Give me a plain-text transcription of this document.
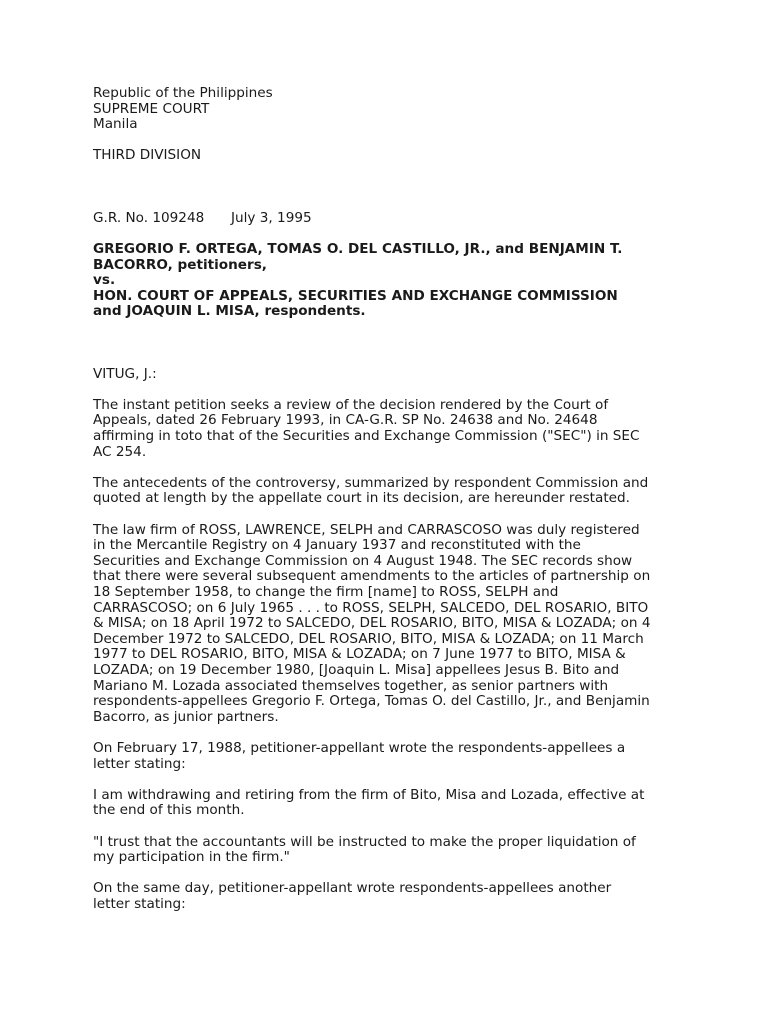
Republic of the Philippines
SUPREME COURT
Manila
THIRD DIVISION
G.R. No. 109248 July 3, 1995
GREGORIO F. ORTEGA, TOMAS O. DEL CASTILLO, JR., and BENJAMIN T.
BACORRO, petitioners,
vs.
HON. COURT OF APPEALS, SECURITIES AND EXCHANGE COMMISSION
and JOAQUIN L. MISA, respondents.
VITUG, J.:
The instant petition seeks a review of the decision rendered by the Court of
Appeals, dated 26 February 1993, in CA-G.R. SP No. 24638 and No. 24648
affirming in toto that of the Securities and Exchange Commission ("SEC") in SEC
AC 254.
The antecedents of the controversy, summarized by respondent Commission and
quoted at length by the appellate court in its decision, are hereunder restated.
The law firm of ROSS, LAWRENCE, SELPH and CARRASCOSO was duly registered
in the Mercantile Registry on 4 January 1937 and reconstituted with the
Securities and Exchange Commission on 4 August 1948. The SEC records show
that there were several subsequent amendments to the articles of partnership on
18 September 1958, to change the firm [name] to ROSS, SELPH and
CARRASCOSO; on 6 July 1965 . . . to ROSS, SELPH, SALCEDO, DEL ROSARIO, BITO
& MISA; on 18 April 1972 to SALCEDO, DEL ROSARIO, BITO, MISA & LOZADA; on 4
December 1972 to SALCEDO, DEL ROSARIO, BITO, MISA & LOZADA; on 11 March
1977 to DEL ROSARIO, BITO, MISA & LOZADA; on 7 June 1977 to BITO, MISA &
LOZADA; on 19 December 1980, [Joaquin L. Misa] appellees Jesus B. Bito and
Mariano M. Lozada associated themselves together, as senior partners with
respondents-appellees Gregorio F. Ortega, Tomas O. del Castillo, Jr., and Benjamin
Bacorro, as junior partners.
On February 17, 1988, petitioner-appellant wrote the respondents-appellees a
letter stating:
I am withdrawing and retiring from the firm of Bito, Misa and Lozada, effective at
the end of this month.
"I trust that the accountants will be instructed to make the proper liquidation of
my participation in the firm."
On the same day, petitioner-appellant wrote respondents-appellees another
letter stating:
